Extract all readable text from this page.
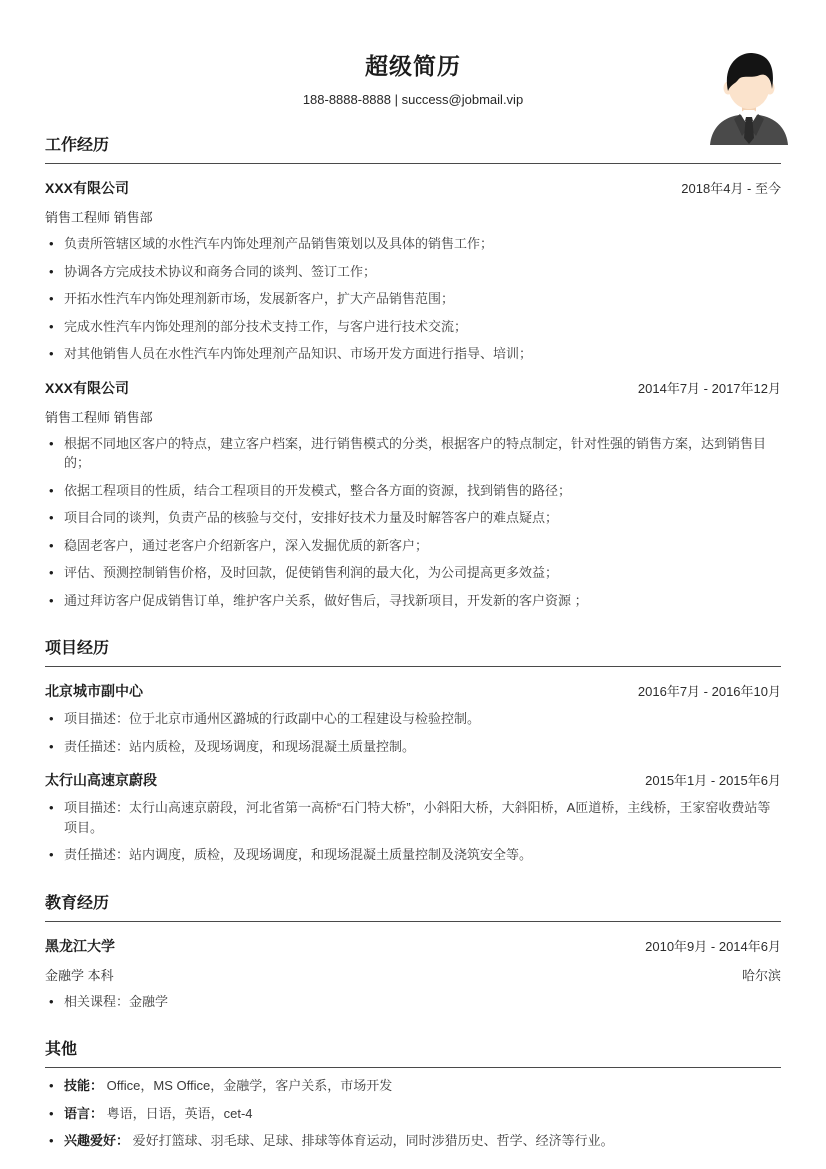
超级简历
188-8888-8888 | success@jobmail.vip
工作经历
XXX有限公司	2018年4月 - 至今
销售工程师 销售部
• 负责所管辖区域的水性汽车内饰处理剂产品销售策划以及具体的销售工作；
• 协调各方完成技术协议和商务合同的谈判、签订工作；
• 开拓水性汽车内饰处理剂新市场，发展新客户，扩大产品销售范围；
• 完成水性汽车内饰处理剂的部分技术支持工作，与客户进行技术交流；
• 对其他销售人员在水性汽车内饰处理剂产品知识、市场开发方面进行指导、培训；
XXX有限公司	2014年7月 - 2017年12月
销售工程师 销售部
• 根据不同地区客户的特点，建立客户档案，进行销售模式的分类，根据客户的特点制定，针对性强的销售方案，达到销售目的；
• 依据工程项目的性质，结合工程项目的开发模式，整合各方面的资源，找到销售的路径；
• 项目合同的谈判，负责产品的核验与交付，安排好技术力量及时解答客户的难点疑点；
• 稳固老客户，通过老客户介绍新客户，深入发掘优质的新客户；
• 评估、预测控制销售价格，及时回款，促使销售利润的最大化，为公司提高更多效益；
• 通过拜访客户促成销售订单，维护客户关系，做好售后，寻找新项目，开发新的客户资源 ；
项目经历
北京城市副中心	2016年7月 - 2016年10月
• 项目描述：位于北京市通州区潞城的行政副中心的工程建设与检验控制。
• 责任描述：站内质检，及现场调度，和现场混凝土质量控制。
太行山高速京蔚段	2015年1月 - 2015年6月
• 项目描述：太行山高速京蔚段，河北省第一高桥“石门特大桥”，小斜阳大桥，大斜阳桥，A匝道桥，主线桥，王家窑收费站等项目。
• 责任描述：站内调度，质检，及现场调度，和现场混凝土质量控制及浇筑安全等。
教育经历
黑龙江大学	2010年9月 - 2014年6月
金融学 本科	哈尔滨
• 相关课程：金融学
其他
• 技能： Office，MS Office，金融学，客户关系，市场开发
• 语言： 粤语，日语，英语，cet-4
• 兴趣爱好： 爱好打篮球、羽毛球、足球、排球等体育运动，同时涉猎历史、哲学、经济等行业。
